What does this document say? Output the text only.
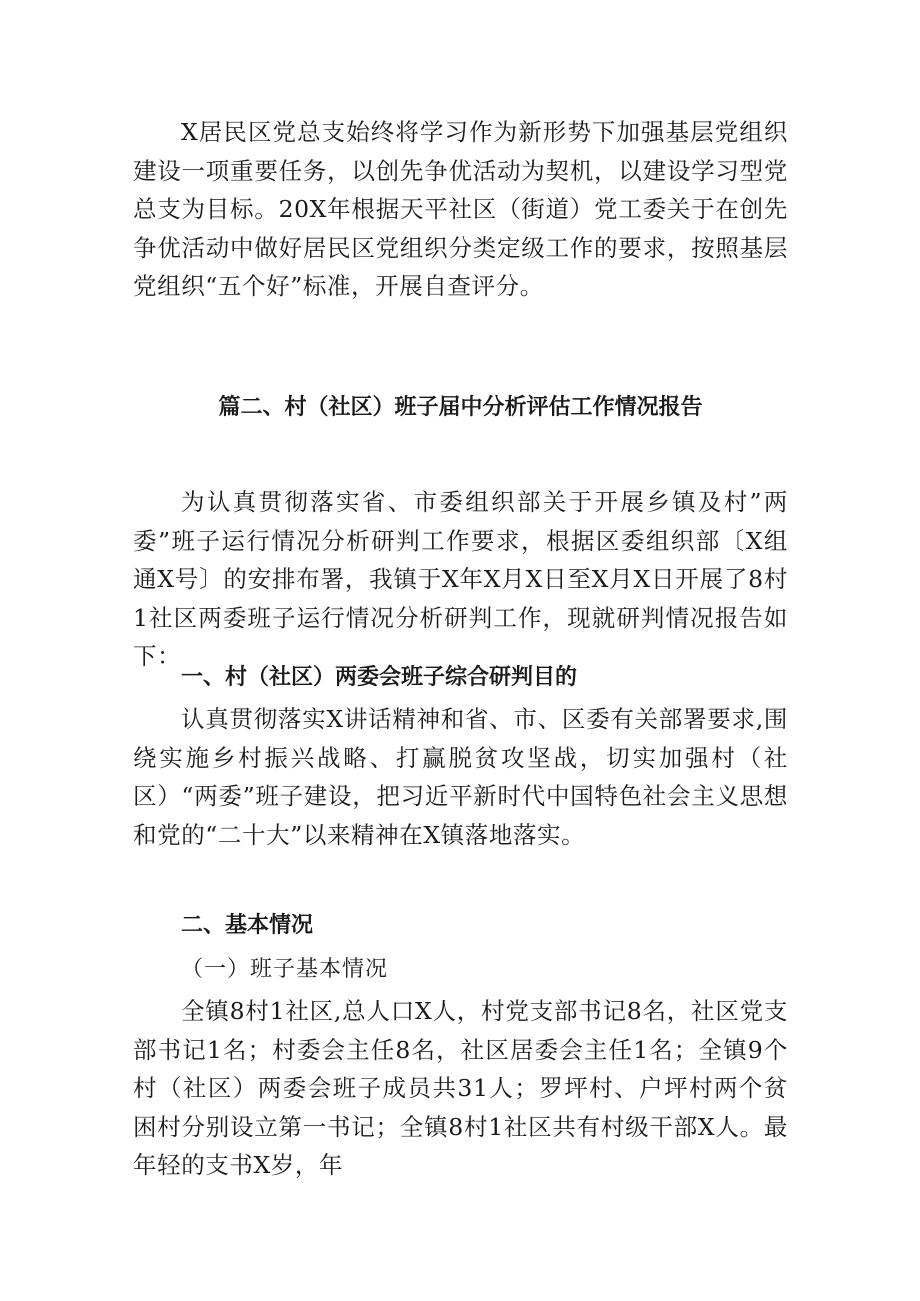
X居民区党总支始终将学习作为新形势下加强基层党组织建设一项重要任务，以创先争优活动为契机，以建设学习型党总支为目标。20X年根据天平社区（街道）党工委关于在创先争优活动中做好居民区党组织分类定级工作的要求，按照基层党组织“五个好”标准，开展自查评分。

篇二、村（社区）班子届中分析评估工作情况报告

为认真贯彻落实省、市委组织部关于开展乡镇及村”两委”班子运行情况分析研判工作要求，根据区委组织部〔X组通X号〕的安排布署，我镇于X年X月X日至X月X日开展了8村1社区两委班子运行情况分析研判工作，现就研判情况报告如下：

一、村（社区）两委会班子综合研判目的

认真贯彻落实X讲话精神和省、市、区委有关部署要求,围绕实施乡村振兴战略、打赢脱贫攻坚战，切实加强村（社区）“两委”班子建设，把习近平新时代中国特色社会主义思想和党的“二十大”以来精神在X镇落地落实。

二、基本情况

（一）班子基本情况

全镇8村1社区,总人口X人，村党支部书记8名，社区党支部书记1名；村委会主任8名，社区居委会主任1名；全镇9个村（社区）两委会班子成员共31人；罗坪村、户坪村两个贫困村分别设立第一书记；全镇8村1社区共有村级干部X人。最年轻的支书X岁，年
